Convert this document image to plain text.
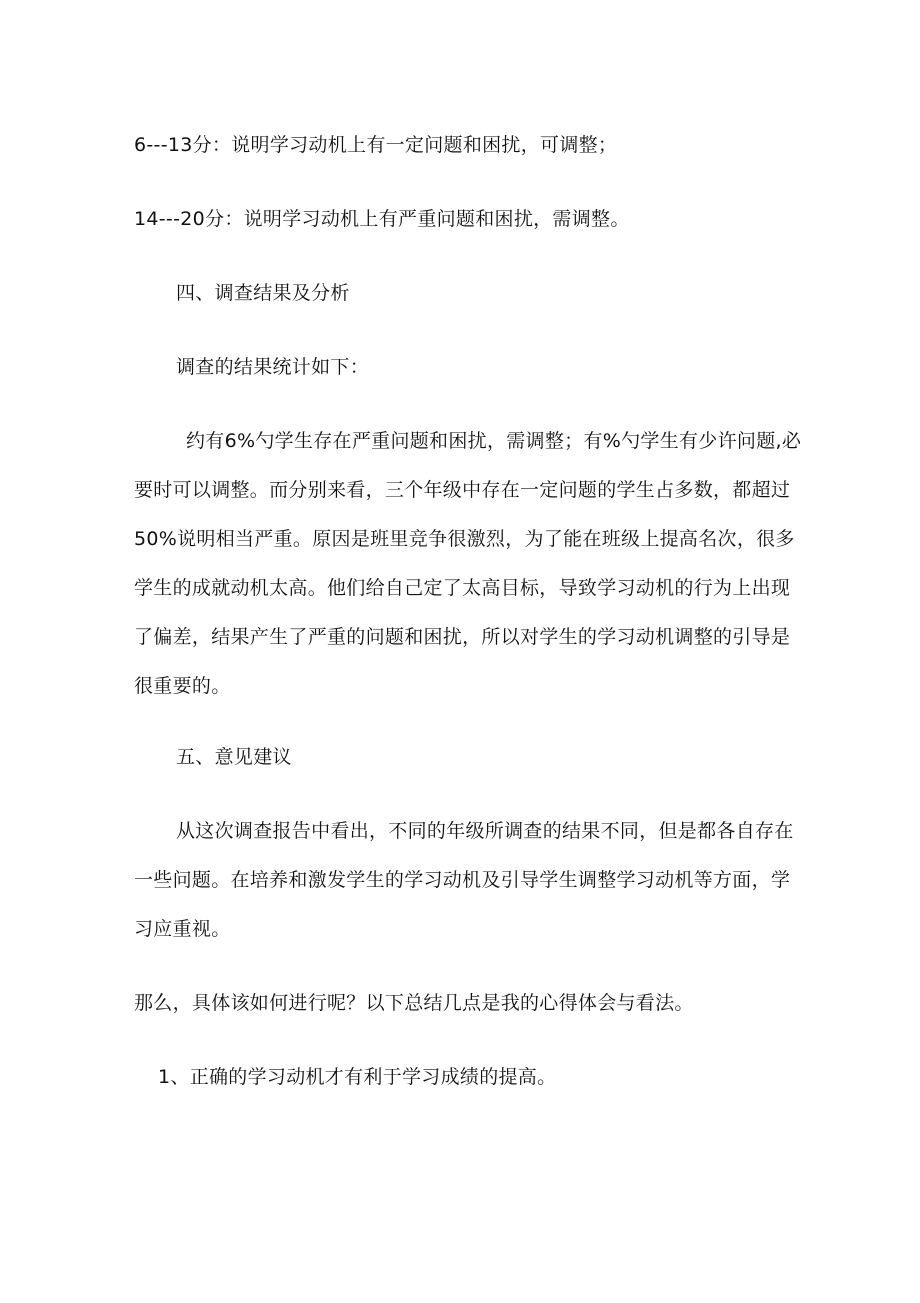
6---13分：说明学习动机上有一定问题和困扰，可调整；
14---20分：说明学习动机上有严重问题和困扰，需调整。
四、调查结果及分析
调查的结果统计如下：
约有6%勺学生存在严重问题和困扰，需调整；有%勺学生有少许问题,必
要时可以调整。而分别来看，三个年级中存在一定问题的学生占多数，都超过
50%说明相当严重。原因是班里竞争很激烈，为了能在班级上提高名次，很多
学生的成就动机太高。他们给自己定了太高目标，导致学习动机的行为上出现
了偏差，结果产生了严重的问题和困扰，所以对学生的学习动机调整的引导是
很重要的。
五、意见建议
从这次调查报告中看出，不同的年级所调查的结果不同，但是都各自存在
一些问题。在培养和激发学生的学习动机及引导学生调整学习动机等方面，学
习应重视。
那么，具体该如何进行呢？以下总结几点是我的心得体会与看法。
1、正确的学习动机才有利于学习成绩的提高。
